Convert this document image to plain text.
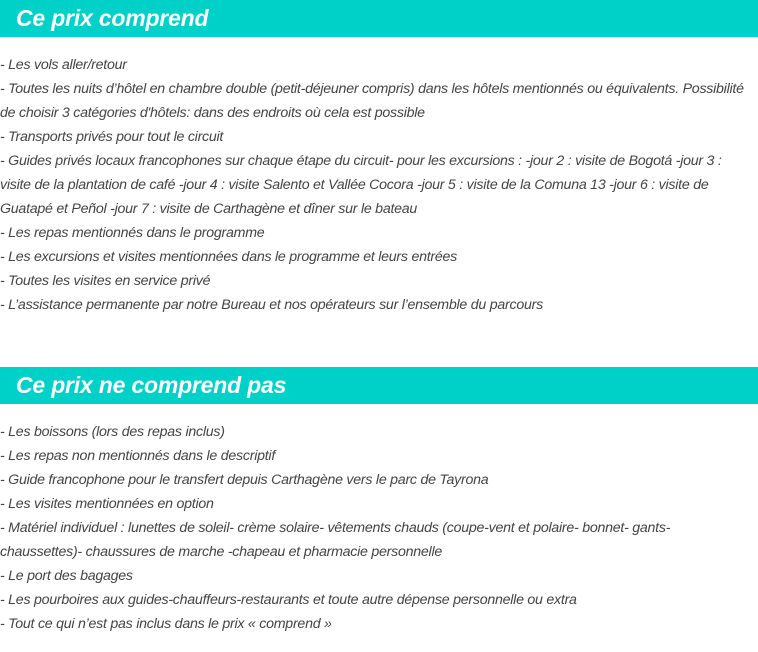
Ce prix comprend
- Les vols aller/retour
- Toutes les nuits d’hôtel en chambre double (petit-déjeuner compris) dans les hôtels mentionnés ou équivalents. Possibilité de choisir 3 catégories d'hôtels: dans des endroits où cela est possible
- Transports privés pour tout le circuit
- Guides privés locaux francophones sur chaque étape du circuit- pour les excursions : -jour 2 : visite de Bogotá -jour 3 : visite de la plantation de café -jour 4 : visite Salento et Vallée Cocora -jour 5 : visite de la Comuna 13 -jour 6 : visite de Guatapé et Peñol -jour 7 : visite de Carthagène et dîner sur le bateau
- Les repas mentionnés dans le programme
- Les excursions et visites mentionnées dans le programme et leurs entrées
- Toutes les visites en service privé
- L’assistance permanente par notre Bureau et nos opérateurs sur l’ensemble du parcours
Ce prix ne comprend pas
- Les boissons (lors des repas inclus)
- Les repas non mentionnés dans le descriptif
- Guide francophone pour le transfert depuis Carthagène vers le parc de Tayrona
- Les visites mentionnées en option
- Matériel individuel : lunettes de soleil- crème solaire- vêtements chauds (coupe-vent et polaire- bonnet- gants- chaussettes)- chaussures de marche -chapeau et pharmacie personnelle
- Le port des bagages
- Les pourboires aux guides-chauffeurs-restaurants et toute autre dépense personnelle ou extra
- Tout ce qui n’est pas inclus dans le prix « comprend »
